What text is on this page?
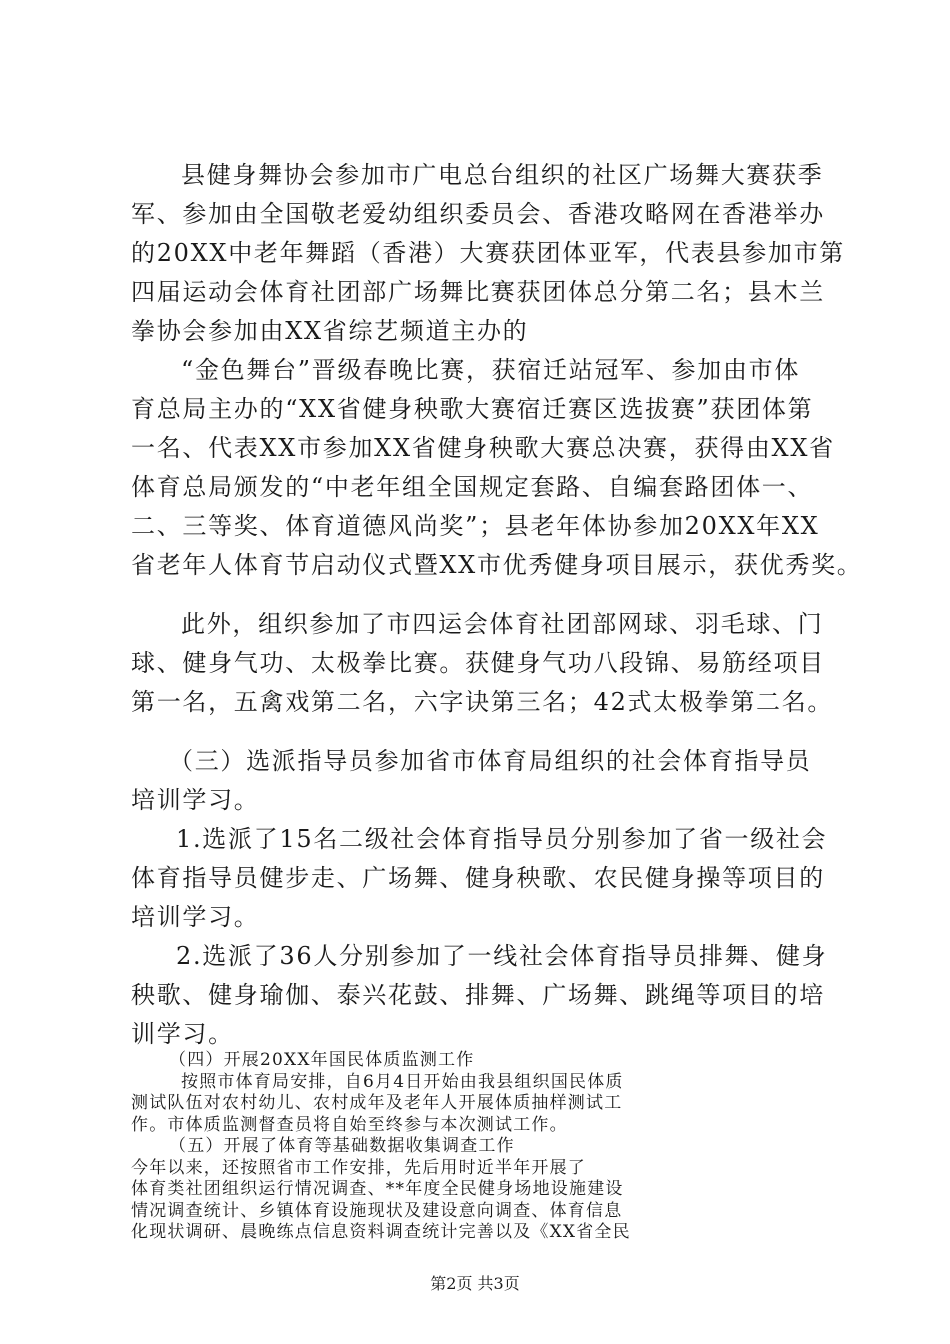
县健身舞协会参加市广电总台组织的社区广场舞大赛获季
军、参加由全国敬老爱幼组织委员会、香港攻略网在香港举办
的20XX中老年舞蹈（香港）大赛获团体亚军，代表县参加市第
四届运动会体育社团部广场舞比赛获团体总分第二名；县木兰
拳协会参加由XX省综艺频道主办的
“金色舞台”晋级春晚比赛，获宿迁站冠军、参加由市体
育总局主办的“XX省健身秧歌大赛宿迁赛区选拔赛”获团体第
一名、代表XX市参加XX省健身秧歌大赛总决赛，获得由XX省
体育总局颁发的“中老年组全国规定套路、自编套路团体一、
二、三等奖、体育道德风尚奖”；县老年体协参加20XX年XX
省老年人体育节启动仪式暨XX市优秀健身项目展示，获优秀奖。
此外，组织参加了市四运会体育社团部网球、羽毛球、门
球、健身气功、太极拳比赛。获健身气功八段锦、易筋经项目
第一名，五禽戏第二名，六字诀第三名；42式太极拳第二名。
（三）选派指导员参加省市体育局组织的社会体育指导员
培训学习。
1.选派了15名二级社会体育指导员分别参加了省一级社会
体育指导员健步走、广场舞、健身秧歌、农民健身操等项目的
培训学习。
2.选派了36人分别参加了一线社会体育指导员排舞、健身
秧歌、健身瑜伽、泰兴花鼓、排舞、广场舞、跳绳等项目的培
训学习。
（四）开展20XX年国民体质监测工作
按照市体育局安排，自6月4日开始由我县组织国民体质
测试队伍对农村幼儿、农村成年及老年人开展体质抽样测试工
作。市体质监测督查员将自始至终参与本次测试工作。
（五）开展了体育等基础数据收集调查工作
第2页 共3页
今年以来，还按照省市工作安排，先后用时近半年开展了
体育类社团组织运行情况调查、**年度全民健身场地设施建设
情况调查统计、乡镇体育设施现状及建设意向调查、体育信息
化现状调研、晨晚练点信息资料调查统计完善以及《XX省全民
